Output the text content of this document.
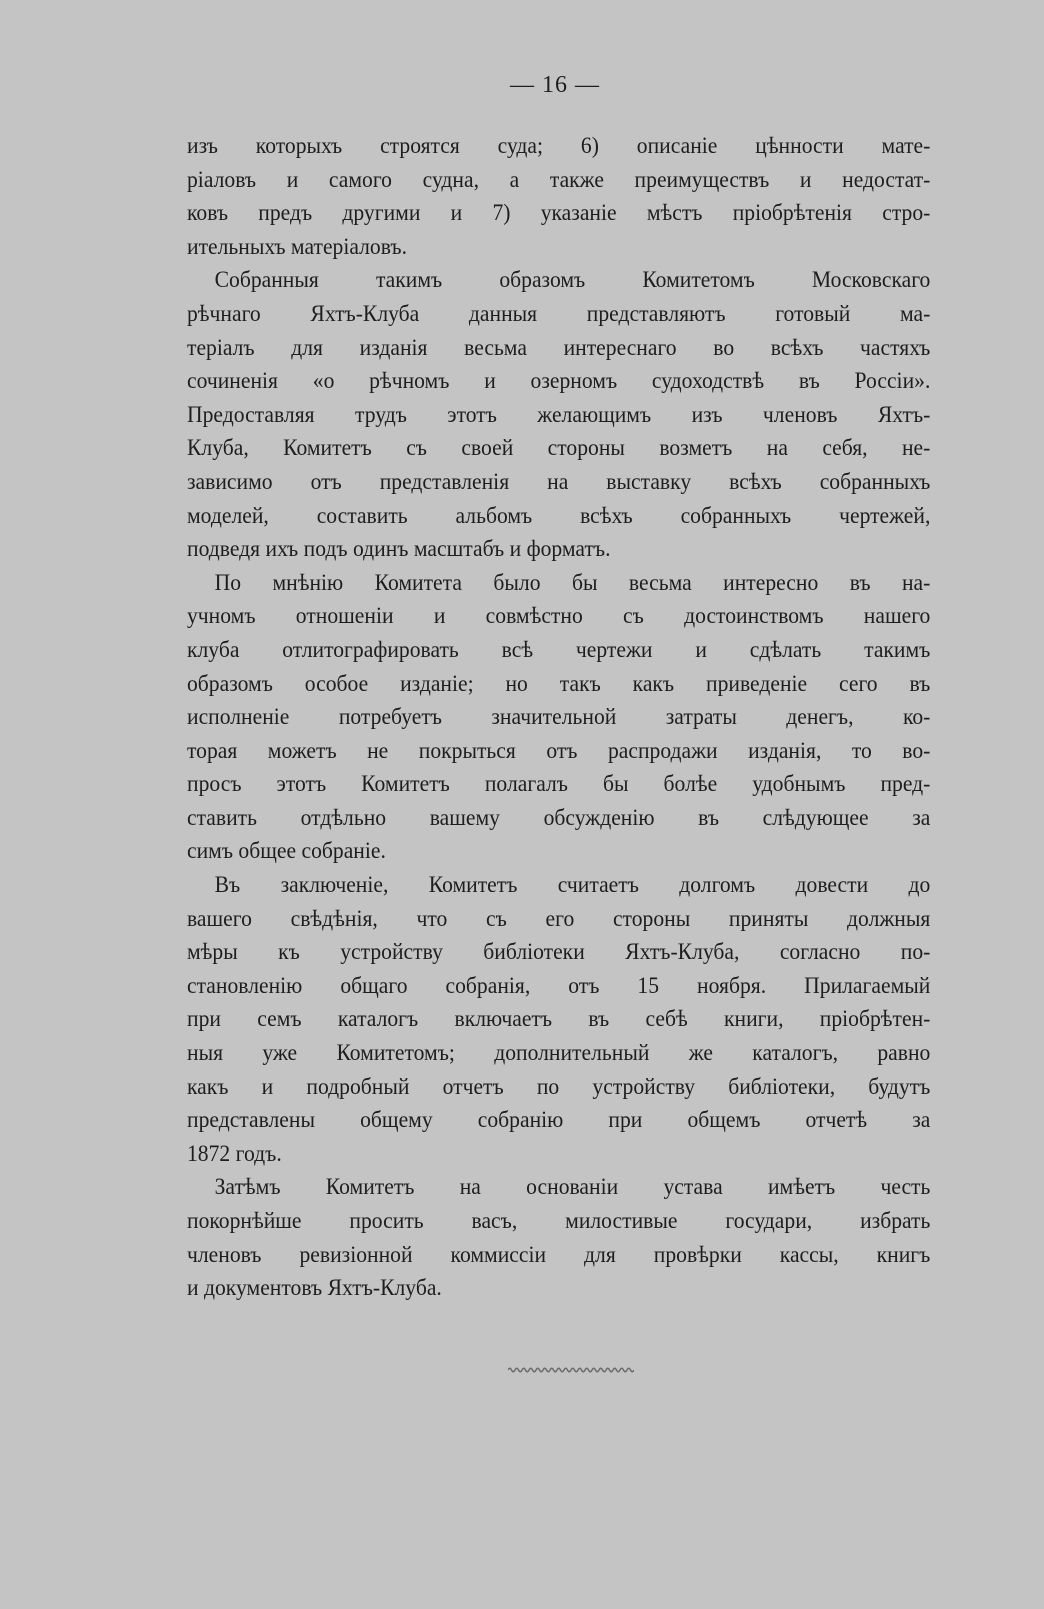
— 16 —
изъ которыхъ строятся суда; 6) описаніе цѣнности мате-
ріаловъ и самого судна, а также преимуществъ и недостат-
ковъ предъ другими и 7) указаніе мѣстъ пріобрѣтенія стро-
ительныхъ матеріаловъ.
Собранныя такимъ образомъ Комитетомъ Московскаго
рѣчнаго Яхтъ-Клуба данныя представляютъ готовый ма-
теріалъ для изданія весьма интереснаго во всѣхъ частяхъ
сочиненія «о рѣчномъ и озерномъ судоходствѣ въ Россіи».
Предоставляя трудъ этотъ желающимъ изъ членовъ Яхтъ-
Клуба, Комитетъ съ своей стороны возметъ на себя, не-
зависимо отъ представленія на выставку всѣхъ собранныхъ
моделей, составить альбомъ всѣхъ собранныхъ чертежей,
подведя ихъ подъ одинъ масштабъ и форматъ.
По мнѣнію Комитета было бы весьма интересно въ на-
учномъ отношеніи и совмѣстно съ достоинствомъ нашего
клуба отлитографировать всѣ чертежи и сдѣлать такимъ
образомъ особое изданіе; но такъ какъ приведеніе сего въ
исполненіе потребуетъ значительной затраты денегъ, ко-
торая можетъ не покрыться отъ распродажи изданія, то во-
просъ этотъ Комитетъ полагалъ бы болѣе удобнымъ пред-
ставить отдѣльно вашему обсужденію въ слѣдующее за
симъ общее собраніе.
Въ заключеніе, Комитетъ считаетъ долгомъ довести до
вашего свѣдѣнія, что съ его стороны приняты должныя
мѣры къ устройству библіотеки Яхтъ-Клуба, согласно по-
становленію общаго собранія, отъ 15 ноября. Прилагаемый
при семъ каталогъ включаетъ въ себѣ книги, пріобрѣтен-
ныя уже Комитетомъ; дополнительный же каталогъ, равно
какъ и подробный отчетъ по устройству библіотеки, будутъ
представлены общему собранію при общемъ отчетѣ за
1872 годъ.
Затѣмъ Комитетъ на основаніи устава имѣетъ честь
покорнѣйше просить васъ, милостивые государи, избрать
членовъ ревизіонной коммиссіи для провѣрки кассы, книгъ
и документовъ Яхтъ-Клуба.
